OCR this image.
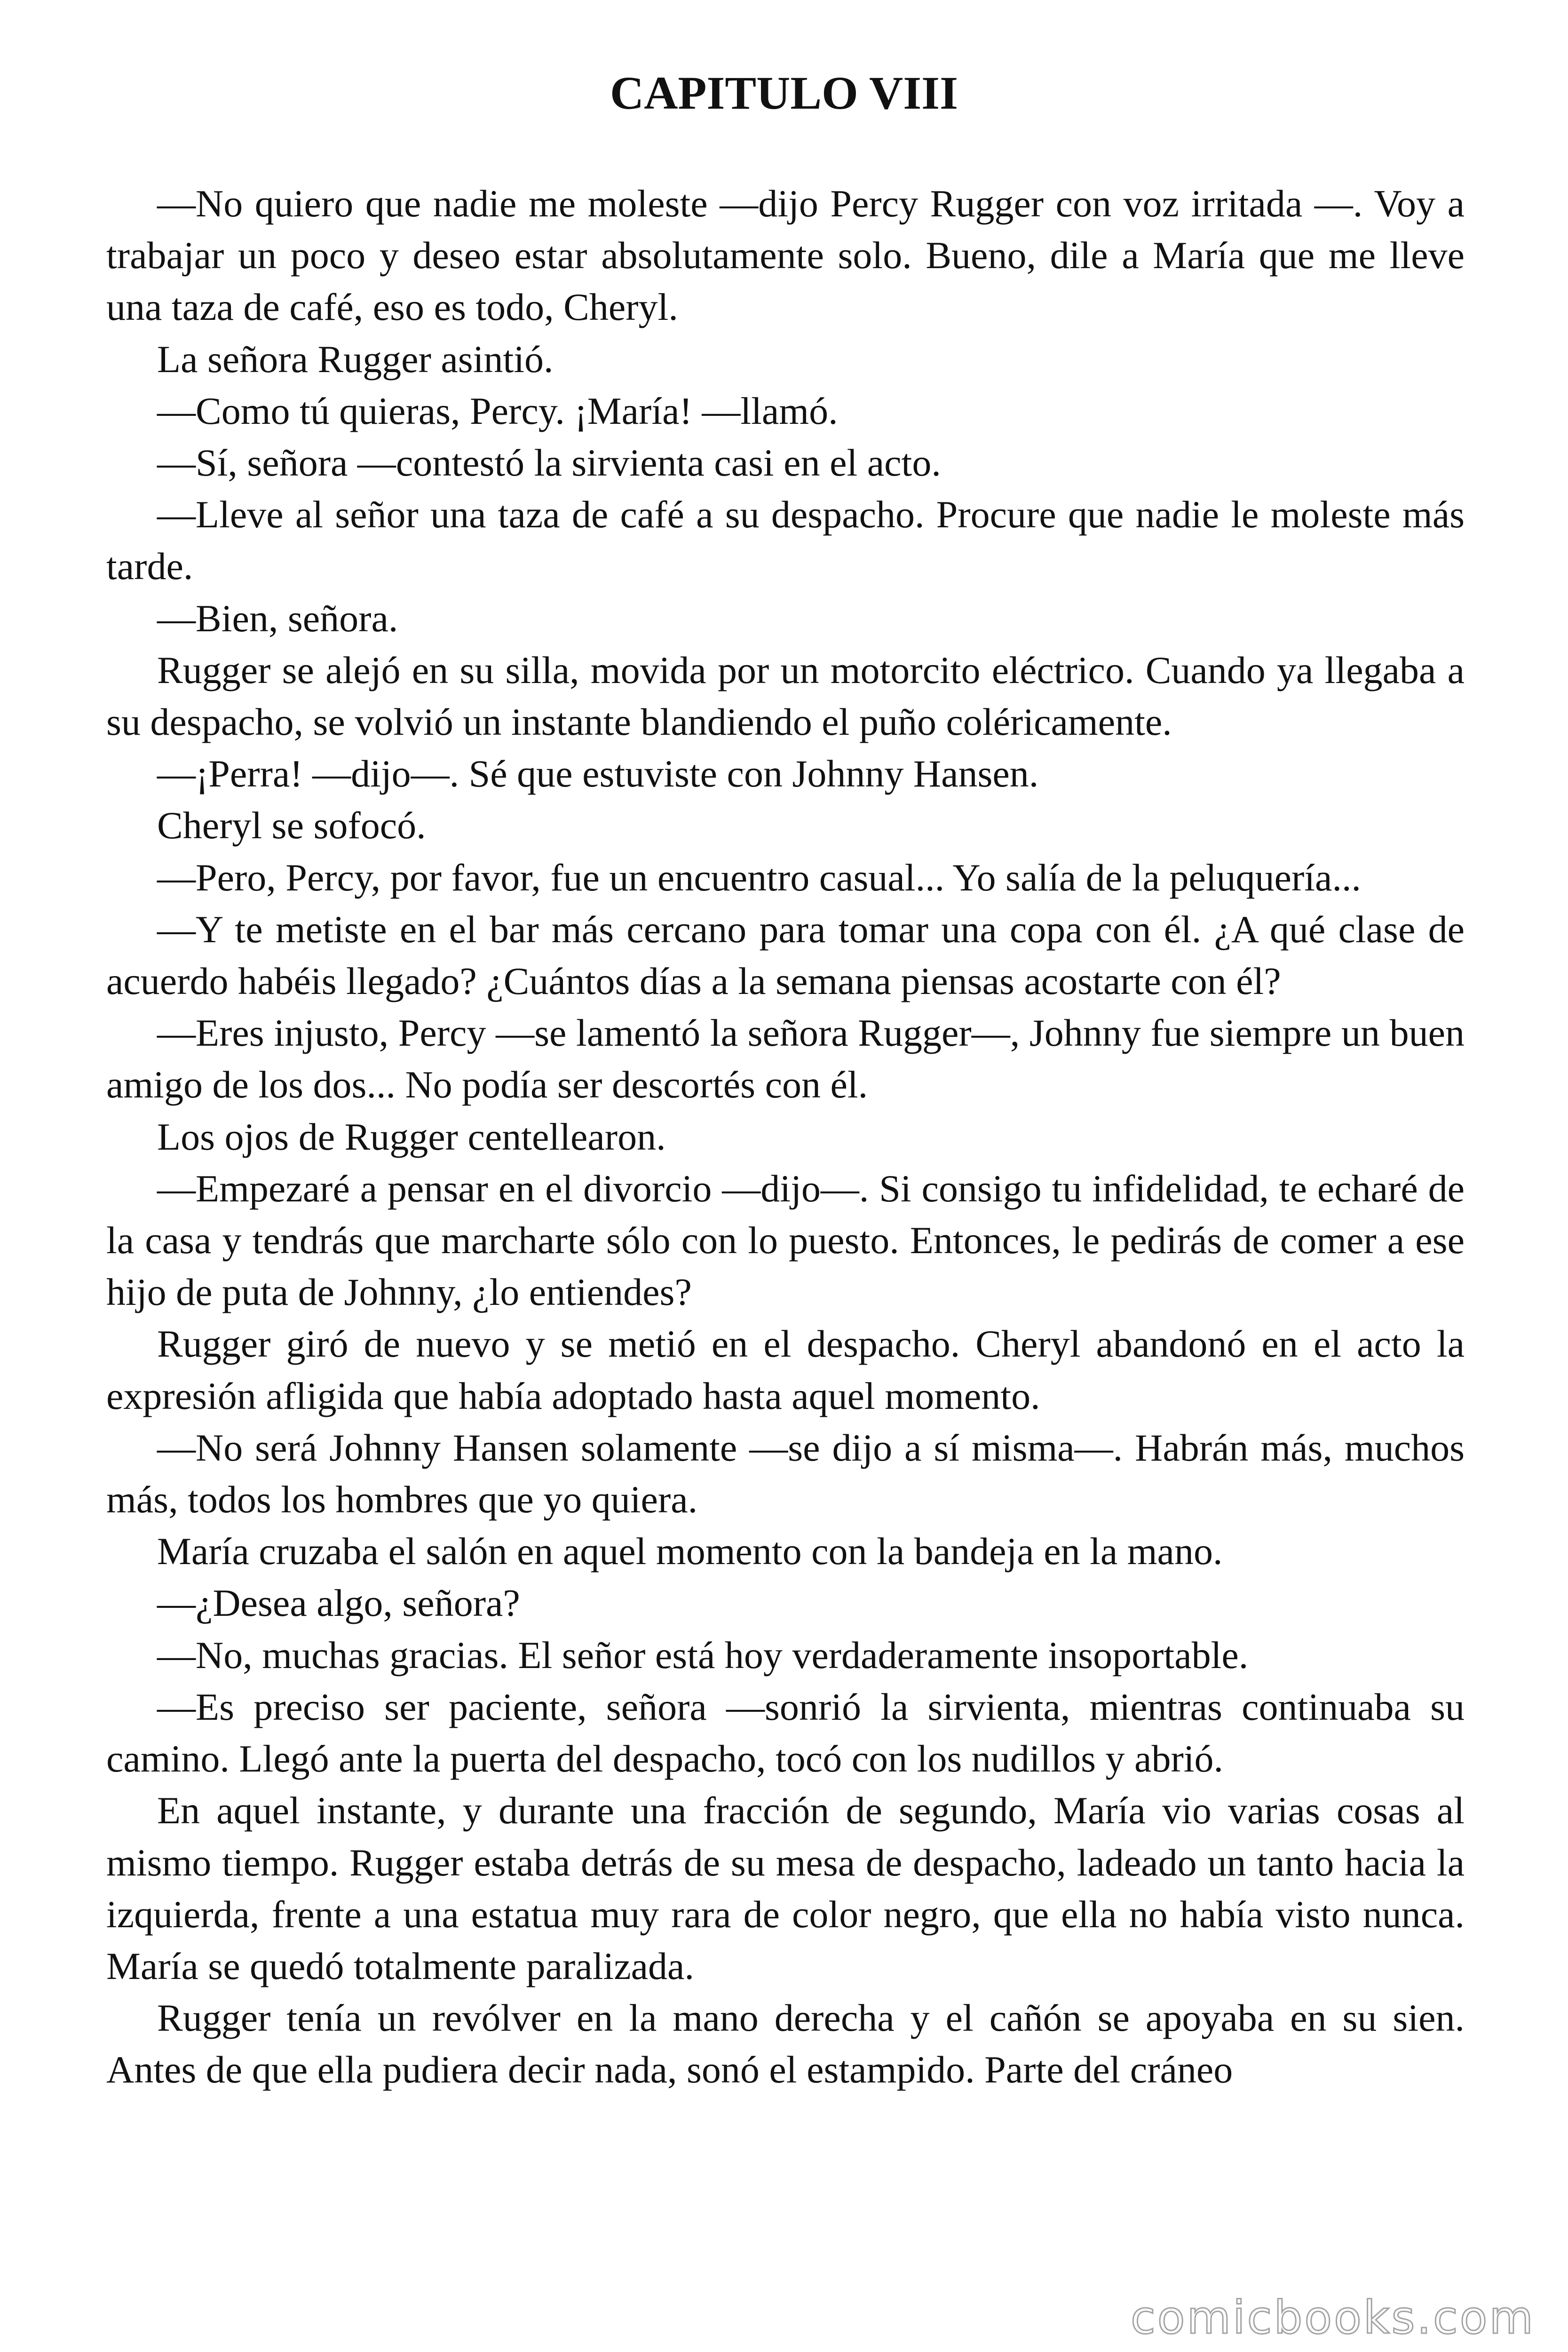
CAPITULO VIII

—No quiero que nadie me moleste —dijo Percy Rugger con voz irritada —. Voy a trabajar un poco y deseo estar absolutamente solo. Bueno, dile a María que me lleve una taza de café, eso es todo, Cheryl.

La señora Rugger asintió.

—Como tú quieras, Percy. ¡María! —llamó.

—Sí, señora —contestó la sirvienta casi en el acto.

—Lleve al señor una taza de café a su despacho. Procure que nadie le moleste más tarde.

—Bien, señora.

Rugger se alejó en su silla, movida por un motorcito eléctrico. Cuando ya llegaba a su despacho, se volvió un instante blandiendo el puño coléricamente.

—¡Perra! —dijo—. Sé que estuviste con Johnny Hansen.

Cheryl se sofocó.

—Pero, Percy, por favor, fue un encuentro casual... Yo salía de la peluquería...

—Y te metiste en el bar más cercano para tomar una copa con él. ¿A qué clase de acuerdo habéis llegado? ¿Cuántos días a la semana piensas acostarte con él?

—Eres injusto, Percy —se lamentó la señora Rugger—, Johnny fue siempre un buen amigo de los dos... No podía ser descortés con él.

Los ojos de Rugger centellearon.

—Empezaré a pensar en el divorcio —dijo—. Si consigo tu infidelidad, te echaré de la casa y tendrás que marcharte sólo con lo puesto. Entonces, le pedirás de comer a ese hijo de puta de Johnny, ¿lo entiendes?

Rugger giró de nuevo y se metió en el despacho. Cheryl abandonó en el acto la expresión afligida que había adoptado hasta aquel momento.

—No será Johnny Hansen solamente —se dijo a sí misma—. Habrán más, muchos más, todos los hombres que yo quiera.

María cruzaba el salón en aquel momento con la bandeja en la mano.

—¿Desea algo, señora?

—No, muchas gracias. El señor está hoy verdaderamente insoportable.

—Es preciso ser paciente, señora —sonrió la sirvienta, mientras continuaba su camino. Llegó ante la puerta del despacho, tocó con los nudillos y abrió.

En aquel instante, y durante una fracción de segundo, María vio varias cosas al mismo tiempo. Rugger estaba detrás de su mesa de despacho, ladeado un tanto hacia la izquierda, frente a una estatua muy rara de color negro, que ella no había visto nunca. María se quedó totalmente paralizada.

Rugger tenía un revólver en la mano derecha y el cañón se apoyaba en su sien. Antes de que ella pudiera decir nada, sonó el estampido. Parte del cráneo

comicbooks.com
